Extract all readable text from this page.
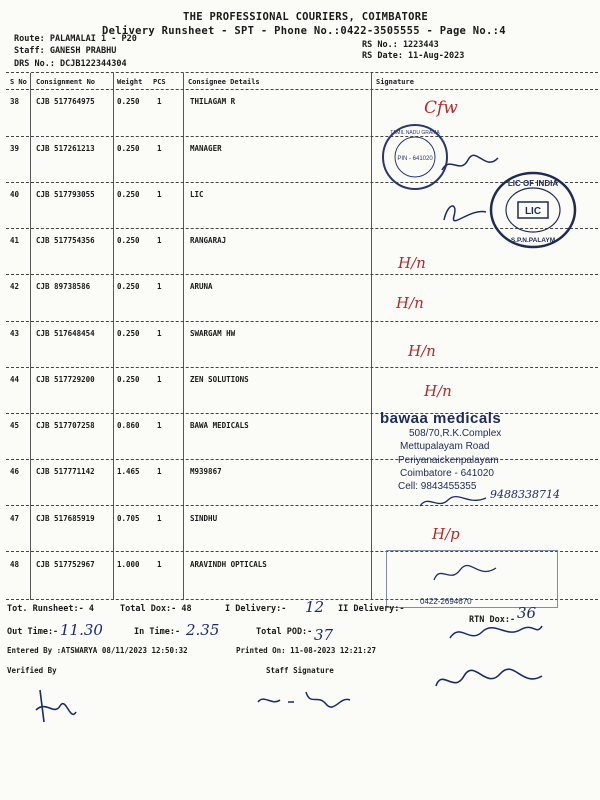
THE PROFESSIONAL COURIERS, COIMBATORE
Delivery Runsheet - SPT - Phone No.:0422-3505555 - Page No.:4
Route: PALAMALAI 1 - P20
Staff: GANESH PRABHU
DRS No.: DCJB122344304
RS No.: 1223443
RS Date: 11-Aug-2023
S No Consignment No	Weight PCS	Consignee Details	Signature
38 CJB 517764975	0.250 1	THILAGAM R
39 CJB 517261213	0.250 1	MANAGER
40 CJB 517793055	0.250 1	LIC
41 CJB 517754356	0.250 1	RANGARAJ
42 CJB 89738586	0.250 1	ARUNA
43 CJB 517648454	0.250 1	SWARGAM HW
44 CJB 517729200	0.250 1	ZEN SOLUTIONS
45 CJB 517707258	0.860 1	BAWA MEDICALS
46 CJB 517771142	1.465 1	M939867
47 CJB 517685919	0.705 1	SINDHU
48 CJB 517752967	1.000 1	ARAVINDH OPTICALS
Cfw
H/n
H/n
H/n
H/n
H/p
PIN - 641020
TAMIL NADU GRAMA
LIC OF INDIA
LIC
S.P.N.PALAYM
bawaa medicals
508/70,R.K.Complex
Mettupalayam Road
Periyanaickenpalayam
Coimbatore - 641020
Cell: 9843455355
9488338714
0422-2694670
Tot. Runsheet:- 4	Total Dox:- 48	I Delivery:- 12 II Delivery:-
RTN Dox:- 36
Out Time:- 11.30	In Time:- 2.35	Total POD:- 37
Entered By :ATSWARYA 08/11/2023 12:50:32	Printed On: 11-08-2023 12:21:27
Verified By	Staff Signature
